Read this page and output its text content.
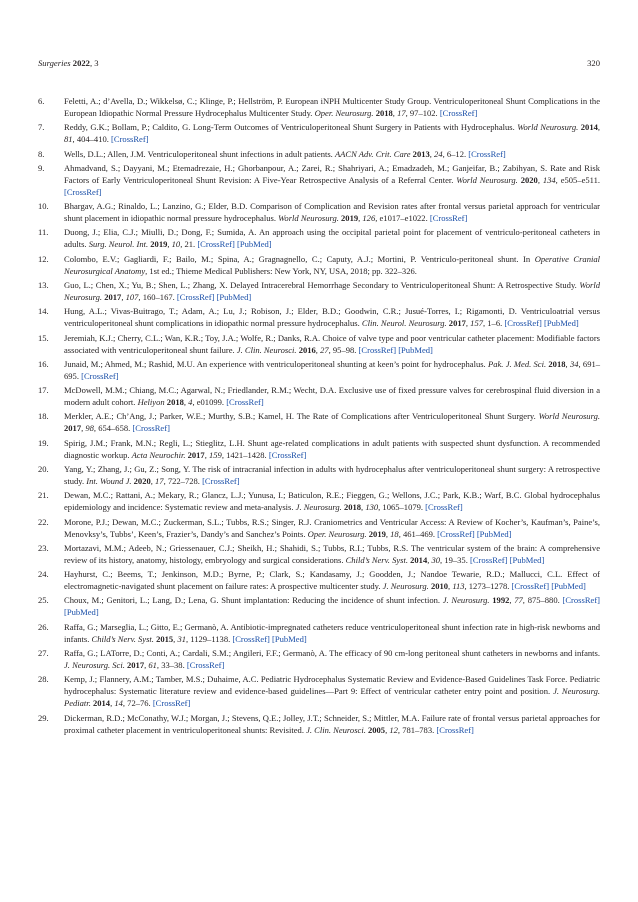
Surgeries 2022, 3	320
6. Feletti, A.; d’Avella, D.; Wikkelsø, C.; Klinge, P.; Hellström, P. European iNPH Multicenter Study Group. Ventriculoperitoneal Shunt Complications in the European Idiopathic Normal Pressure Hydrocephalus Multicenter Study. Oper. Neurosurg. 2018, 17, 97–102. [CrossRef]
7. Reddy, G.K.; Bollam, P.; Caldito, G. Long-Term Outcomes of Ventriculoperitoneal Shunt Surgery in Patients with Hydrocephalus. World Neurosurg. 2014, 81, 404–410. [CrossRef]
8. Wells, D.L.; Allen, J.M. Ventriculoperitoneal shunt infections in adult patients. AACN Adv. Crit. Care 2013, 24, 6–12. [CrossRef]
9. Ahmadvand, S.; Dayyani, M.; Etemadrezaie, H.; Ghorbanpour, A.; Zarei, R.; Shahriyari, A.; Emadzadeh, M.; Ganjeifar, B.; Zabihyan, S. Rate and Risk Factors of Early Ventriculoperitoneal Shunt Revision: A Five-Year Retrospective Analysis of a Referral Center. World Neurosurg. 2020, 134, e505–e511. [CrossRef]
10. Bhargav, A.G.; Rinaldo, L.; Lanzino, G.; Elder, B.D. Comparison of Complication and Revision rates after frontal versus parietal approach for ventricular shunt placement in idiopathic normal pressure hydrocephalus. World Neurosurg. 2019, 126, e1017–e1022. [CrossRef]
11. Duong, J.; Elia, C.J.; Miulli, D.; Dong, F.; Sumida, A. An approach using the occipital parietal point for placement of ventriculo-peritoneal catheters in adults. Surg. Neurol. Int. 2019, 10, 21. [CrossRef] [PubMed]
12. Colombo, E.V.; Gagliardi, F.; Bailo, M.; Spina, A.; Gragnagnello, C.; Caputy, A.J.; Mortini, P. Ventriculo-peritoneal shunt. In Operative Cranial Neurosurgical Anatomy, 1st ed.; Thieme Medical Publishers: New York, NY, USA, 2018; pp. 322–326.
13. Guo, L.; Chen, X.; Yu, B.; Shen, L.; Zhang, X. Delayed Intracerebral Hemorrhage Secondary to Ventriculoperitoneal Shunt: A Retrospective Study. World Neurosurg. 2017, 107, 160–167. [CrossRef] [PubMed]
14. Hung, A.L.; Vivas-Buitrago, T.; Adam, A.; Lu, J.; Robison, J.; Elder, B.D.; Goodwin, C.R.; Jusué-Torres, I.; Rigamonti, D. Ventriculoatrial versus ventriculoperitoneal shunt complications in idiopathic normal pressure hydrocephalus. Clin. Neurol. Neurosurg. 2017, 157, 1–6. [CrossRef] [PubMed]
15. Jeremiah, K.J.; Cherry, C.L.; Wan, K.R.; Toy, J.A.; Wolfe, R.; Danks, R.A. Choice of valve type and poor ventricular catheter placement: Modifiable factors associated with ventriculoperitoneal shunt failure. J. Clin. Neurosci. 2016, 27, 95–98. [CrossRef] [PubMed]
16. Junaid, M.; Ahmed, M.; Rashid, M.U. An experience with ventriculoperitoneal shunting at keen’s point for hydrocephalus. Pak. J. Med. Sci. 2018, 34, 691–695. [CrossRef]
17. McDowell, M.M.; Chiang, M.C.; Agarwal, N.; Friedlander, R.M.; Wecht, D.A. Exclusive use of fixed pressure valves for cerebrospinal fluid diversion in a modern adult cohort. Heliyon 2018, 4, e01099. [CrossRef]
18. Merkler, A.E.; Ch’Ang, J.; Parker, W.E.; Murthy, S.B.; Kamel, H. The Rate of Complications after Ventriculoperitoneal Shunt Surgery. World Neurosurg. 2017, 98, 654–658. [CrossRef]
19. Spirig, J.M.; Frank, M.N.; Regli, L.; Stieglitz, L.H. Shunt age-related complications in adult patients with suspected shunt dysfunction. A recommended diagnostic workup. Acta Neurochir. 2017, 159, 1421–1428. [CrossRef]
20. Yang, Y.; Zhang, J.; Gu, Z.; Song, Y. The risk of intracranial infection in adults with hydrocephalus after ventriculoperitoneal shunt surgery: A retrospective study. Int. Wound J. 2020, 17, 722–728. [CrossRef]
21. Dewan, M.C.; Rattani, A.; Mekary, R.; Glancz, L.J.; Yunusa, I.; Baticulon, R.E.; Fieggen, G.; Wellons, J.C.; Park, K.B.; Warf, B.C. Global hydrocephalus epidemiology and incidence: Systematic review and meta-analysis. J. Neurosurg. 2018, 130, 1065–1079. [CrossRef]
22. Morone, P.J.; Dewan, M.C.; Zuckerman, S.L.; Tubbs, R.S.; Singer, R.J. Craniometrics and Ventricular Access: A Review of Kocher’s, Kaufman’s, Paine’s, Menovksy’s, Tubbs’, Keen’s, Frazier’s, Dandy’s and Sanchez’s Points. Oper. Neurosurg. 2019, 18, 461–469. [CrossRef] [PubMed]
23. Mortazavi, M.M.; Adeeb, N.; Griessenauer, C.J.; Sheikh, H.; Shahidi, S.; Tubbs, R.I.; Tubbs, R.S. The ventricular system of the brain: A comprehensive review of its history, anatomy, histology, embryology and surgical considerations. Child’s Nerv. Syst. 2014, 30, 19–35. [CrossRef] [PubMed]
24. Hayhurst, C.; Beems, T.; Jenkinson, M.D.; Byrne, P.; Clark, S.; Kandasamy, J.; Goodden, J.; Nandoe Tewarie, R.D.; Mallucci, C.L. Effect of electromagnetic-navigated shunt placement on failure rates: A prospective multicenter study. J. Neurosurg. 2010, 113, 1273–1278. [CrossRef] [PubMed]
25. Choux, M.; Genitori, L.; Lang, D.; Lena, G. Shunt implantation: Reducing the incidence of shunt infection. J. Neurosurg. 1992, 77, 875–880. [CrossRef] [PubMed]
26. Raffa, G.; Marseglia, L.; Gitto, E.; Germanò, A. Antibiotic-impregnated catheters reduce ventriculoperitoneal shunt infection rate in high-risk newborns and infants. Child’s Nerv. Syst. 2015, 31, 1129–1138. [CrossRef] [PubMed]
27. Raffa, G.; LATorre, D.; Conti, A.; Cardali, S.M.; Angileri, F.F.; Germanò, A. The efficacy of 90 cm-long peritoneal shunt catheters in newborns and infants. J. Neurosurg. Sci. 2017, 61, 33–38. [CrossRef]
28. Kemp, J.; Flannery, A.M.; Tamber, M.S.; Duhaime, A.C. Pediatric Hydrocephalus Systematic Review and Evidence-Based Guidelines Task Force. Pediatric hydrocephalus: Systematic literature review and evidence-based guidelines—Part 9: Effect of ventricular catheter entry point and position. J. Neurosurg. Pediatr. 2014, 14, 72–76. [CrossRef]
29. Dickerman, R.D.; McConathy, W.J.; Morgan, J.; Stevens, Q.E.; Jolley, J.T.; Schneider, S.; Mittler, M.A. Failure rate of frontal versus parietal approaches for proximal catheter placement in ventriculoperitoneal shunts: Revisited. J. Clin. Neurosci. 2005, 12, 781–783. [CrossRef]
